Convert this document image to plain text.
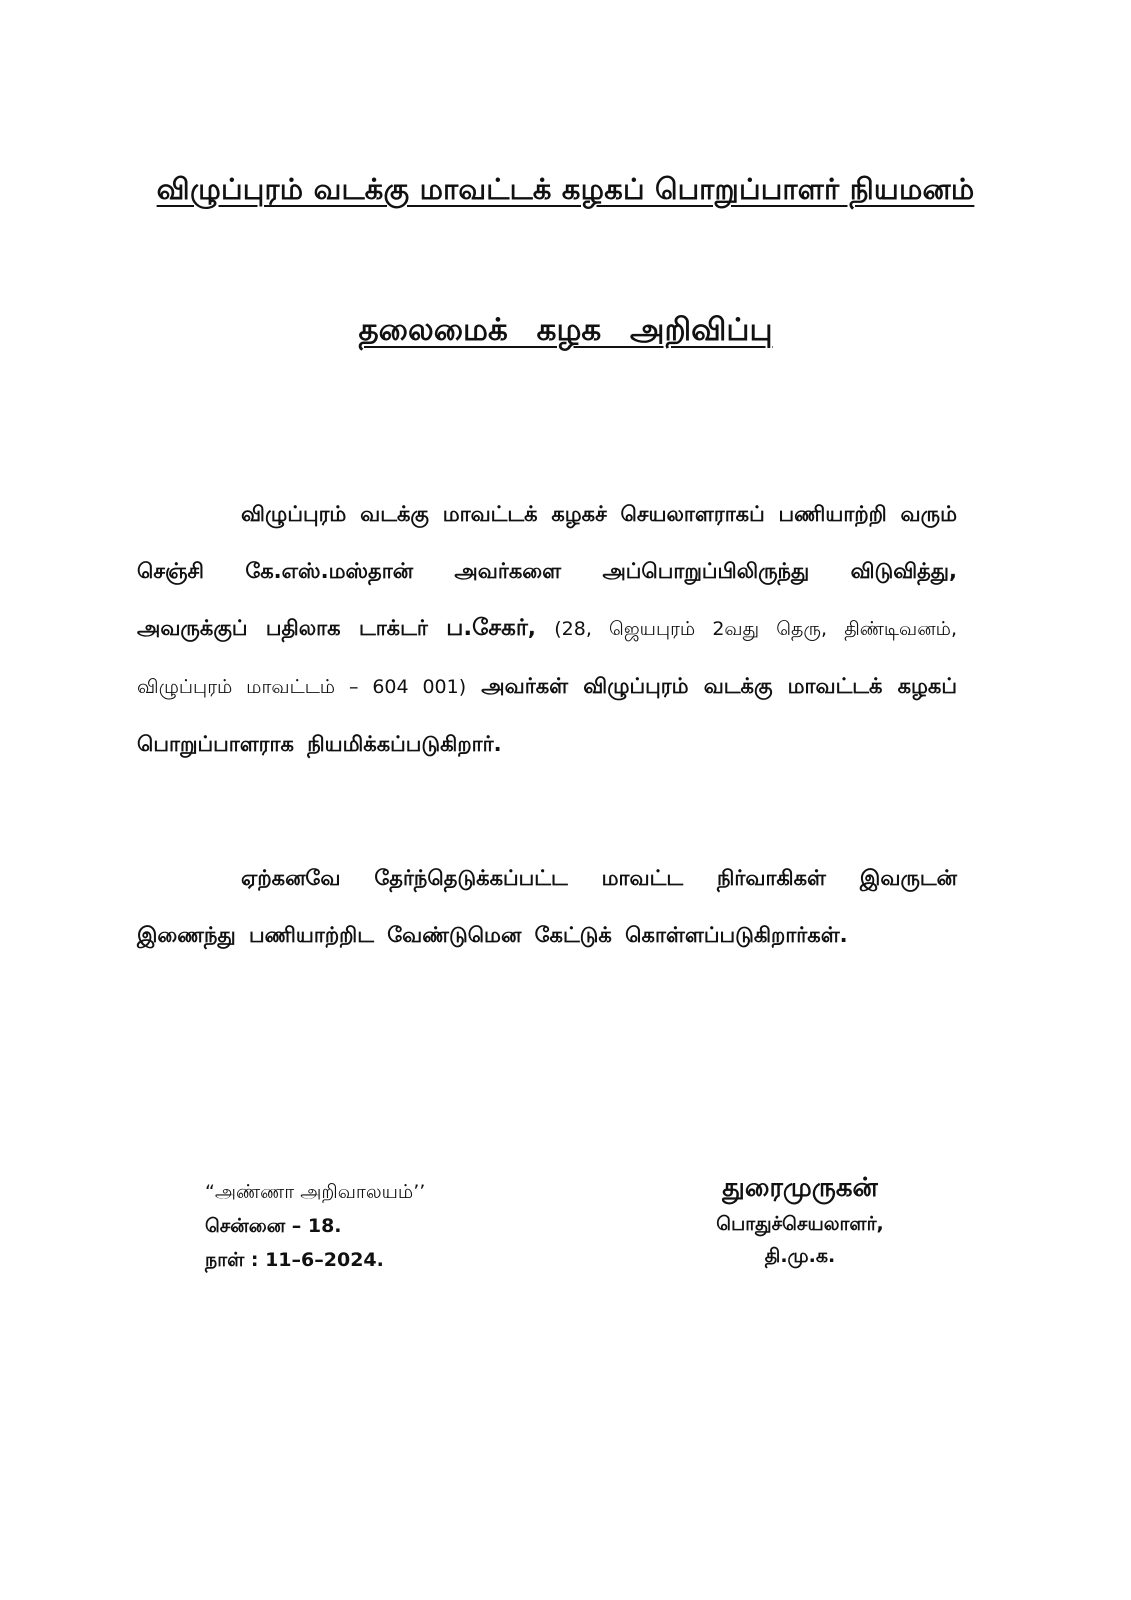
விழுப்புரம் வடக்கு மாவட்டக் கழகப் பொறுப்பாளர் நியமனம்
தலைமைக் கழக அறிவிப்பு
விழுப்புரம் வடக்கு மாவட்டக் கழகச் செயலாளராகப் பணியாற்றி வரும் செஞ்சி கே.எஸ்.மஸ்தான் அவர்களை அப்பொறுப்பிலிருந்து விடுவித்து, அவருக்குப் பதிலாக டாக்டர் ப.சேகர், (28, ஜெயபுரம் 2வது தெரு, திண்டிவனம், விழுப்புரம் மாவட்டம் – 604 001) அவர்கள் விழுப்புரம் வடக்கு மாவட்டக் கழகப் பொறுப்பாளராக நியமிக்கப்படுகிறார்.
ஏற்கனவே தேர்ந்தெடுக்கப்பட்ட மாவட்ட நிர்வாகிகள் இவருடன் இணைந்து பணியாற்றிட வேண்டுமென கேட்டுக் கொள்ளப்படுகிறார்கள்.
“அண்ணா அறிவாலயம்’’
சென்னை – 18.
நாள் : 11–6–2024.
துரைமுருகன்
பொதுச்செயலாளர்,
தி.மு.க.
